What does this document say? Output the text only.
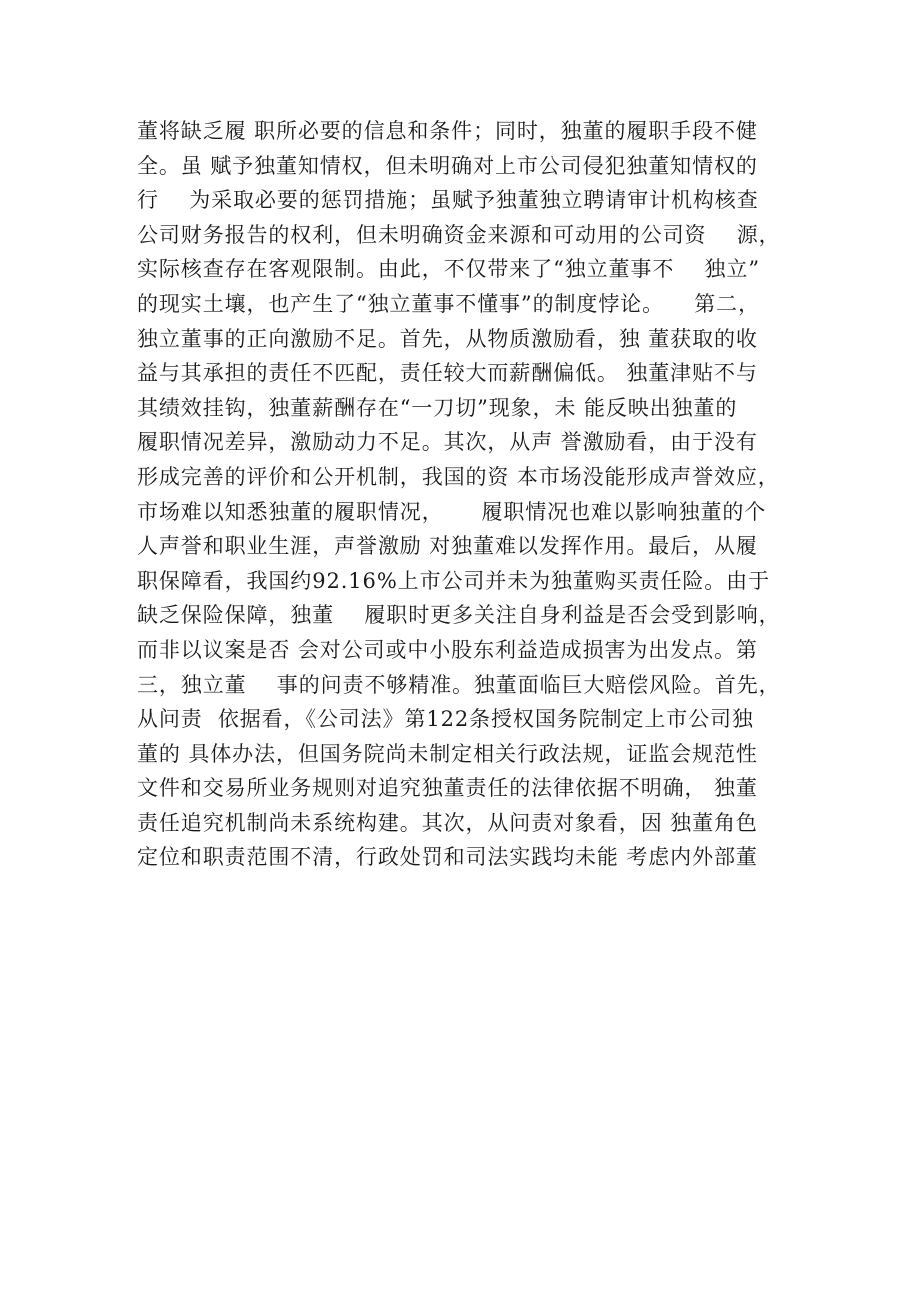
董将缺乏履 职所必要的信息和条件；同时，独董的履职手段不健
全。虽 赋予独董知情权，但未明确对上市公司侵犯独董知情权的
行    为采取必要的惩罚措施；虽赋予独董独立聘请审计机构核查
公司财务报告的权利，但未明确资金来源和可动用的公司资    源，
实际核查存在客观限制。由此，不仅带来了“独立董事不    独立”
的现实土壤，也产生了“独立董事不懂事”的制度悖论。    第二，
独立董事的正向激励不足。首先，从物质激励看，独 董获取的收
益与其承担的责任不匹配，责任较大而薪酬偏低。 独董津贴不与
其绩效挂钩，独董薪酬存在“一刀切”现象，未 能反映出独董的
履职情况差异，激励动力不足。其次，从声 誉激励看，由于没有
形成完善的评价和公开机制，我国的资 本市场没能形成声誉效应，
市场难以知悉独董的履职情况，     履职情况也难以影响独董的个
人声誉和职业生涯，声誉激励 对独董难以发挥作用。最后，从履
职保障看，我国约92.16%上市公司并未为独董购买责任险。由于
缺乏保险保障，独董    履职时更多关注自身利益是否会受到影响，
而非以议案是否 会对公司或中小股东利益造成损害为出发点。第
三，独立董    事的问责不够精准。独董面临巨大赔偿风险。首先，
从问责  依据看，《公司法》第122条授权国务院制定上市公司独
董的 具体办法，但国务院尚未制定相关行政法规，证监会规范性
文件和交易所业务规则对追究独董责任的法律依据不明确， 独董
责任追究机制尚未系统构建。其次，从问责对象看，因 独董角色
定位和职责范围不清，行政处罚和司法实践均未能 考虑内外部董
